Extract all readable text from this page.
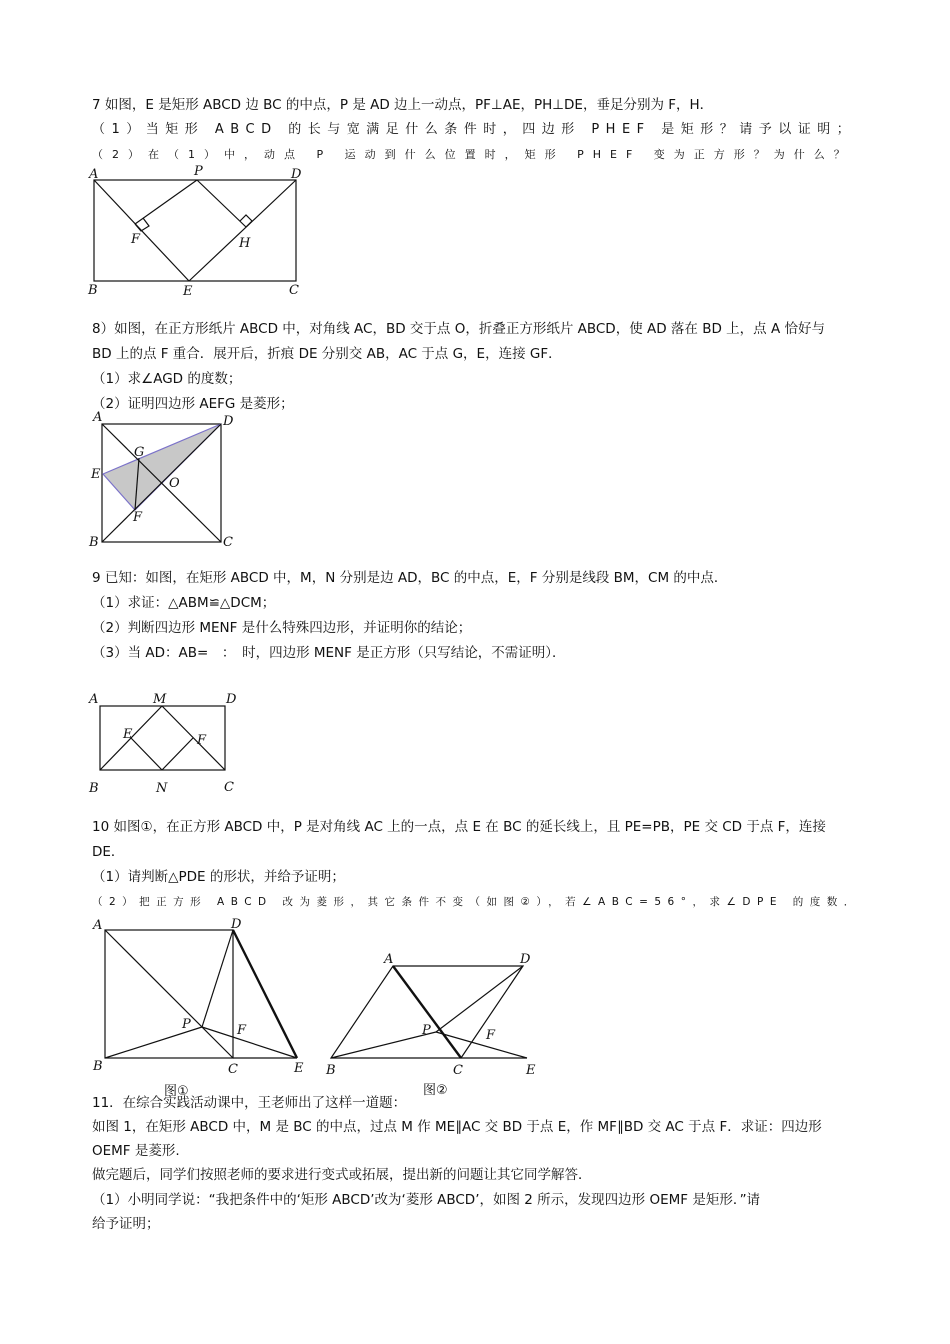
7 如图，E 是矩形 ABCD 边 BC 的中点，P 是 AD 边上一动点，PF⊥AE，PH⊥DE，垂足分别为 F，H．
（1）当矩形 ABCD 的长与宽满足什么条件时，四边形 PHEF 是矩形？请予以证明；
（2）在（1）中，动点 P 运动到什么位置时，矩形 PHEF 变为正方形？为什么？
A	P	D
F	H
B	E	C
8）如图，在正方形纸片 ABCD 中，对角线 AC，BD 交于点 O，折叠正方形纸片 ABCD，使 AD 落在 BD 上，点 A 恰好与
BD 上的点 F 重合．展开后，折痕 DE 分别交 AB，AC 于点 G，E，连接 GF．
（1）求∠AGD 的度数；
（2）证明四边形 AEFG 是菱形；
A	D
G
E
O
F
B	C
9 已知：如图，在矩形 ABCD 中，M，N 分别是边 AD，BC 的中点，E，F 分别是线段 BM，CM 的中点．
（1）求证：△ABM≌△DCM；
（2）判断四边形 MENF 是什么特殊四边形，并证明你的结论；
（3）当 AD：AB=　：　时，四边形 MENF 是正方形（只写结论，不需证明）．
A	M	D
E	F
B	N	C
10 如图①，在正方形 ABCD 中，P 是对角线 AC 上的一点，点 E 在 BC 的延长线上，且 PE=PB，PE 交 CD 于点 F，连接
DE．
（1）请判断△PDE 的形状，并给予证明；
（2）把正方形 ABCD 改为菱形，其它条件不变（如图②），若∠ABC=56°，求∠DPE 的度数．
A	D
P	F
B	C	E
图①
A	D
P	F
B	C	E
图②
11．在综合实践活动课中，王老师出了这样一道题：
如图 1，在矩形 ABCD 中，M 是 BC 的中点，过点 M 作 ME∥AC 交 BD 于点 E，作 MF∥BD 交 AC 于点 F．求证：四边形
OEMF 是菱形.
做完题后，同学们按照老师的要求进行变式或拓展，提出新的问题让其它同学解答．
（1）小明同学说：“我把条件中的‘矩形 ABCD’改为‘菱形 ABCD’，如图 2 所示，发现四边形 OEMF 是矩形．”请
给予证明；
